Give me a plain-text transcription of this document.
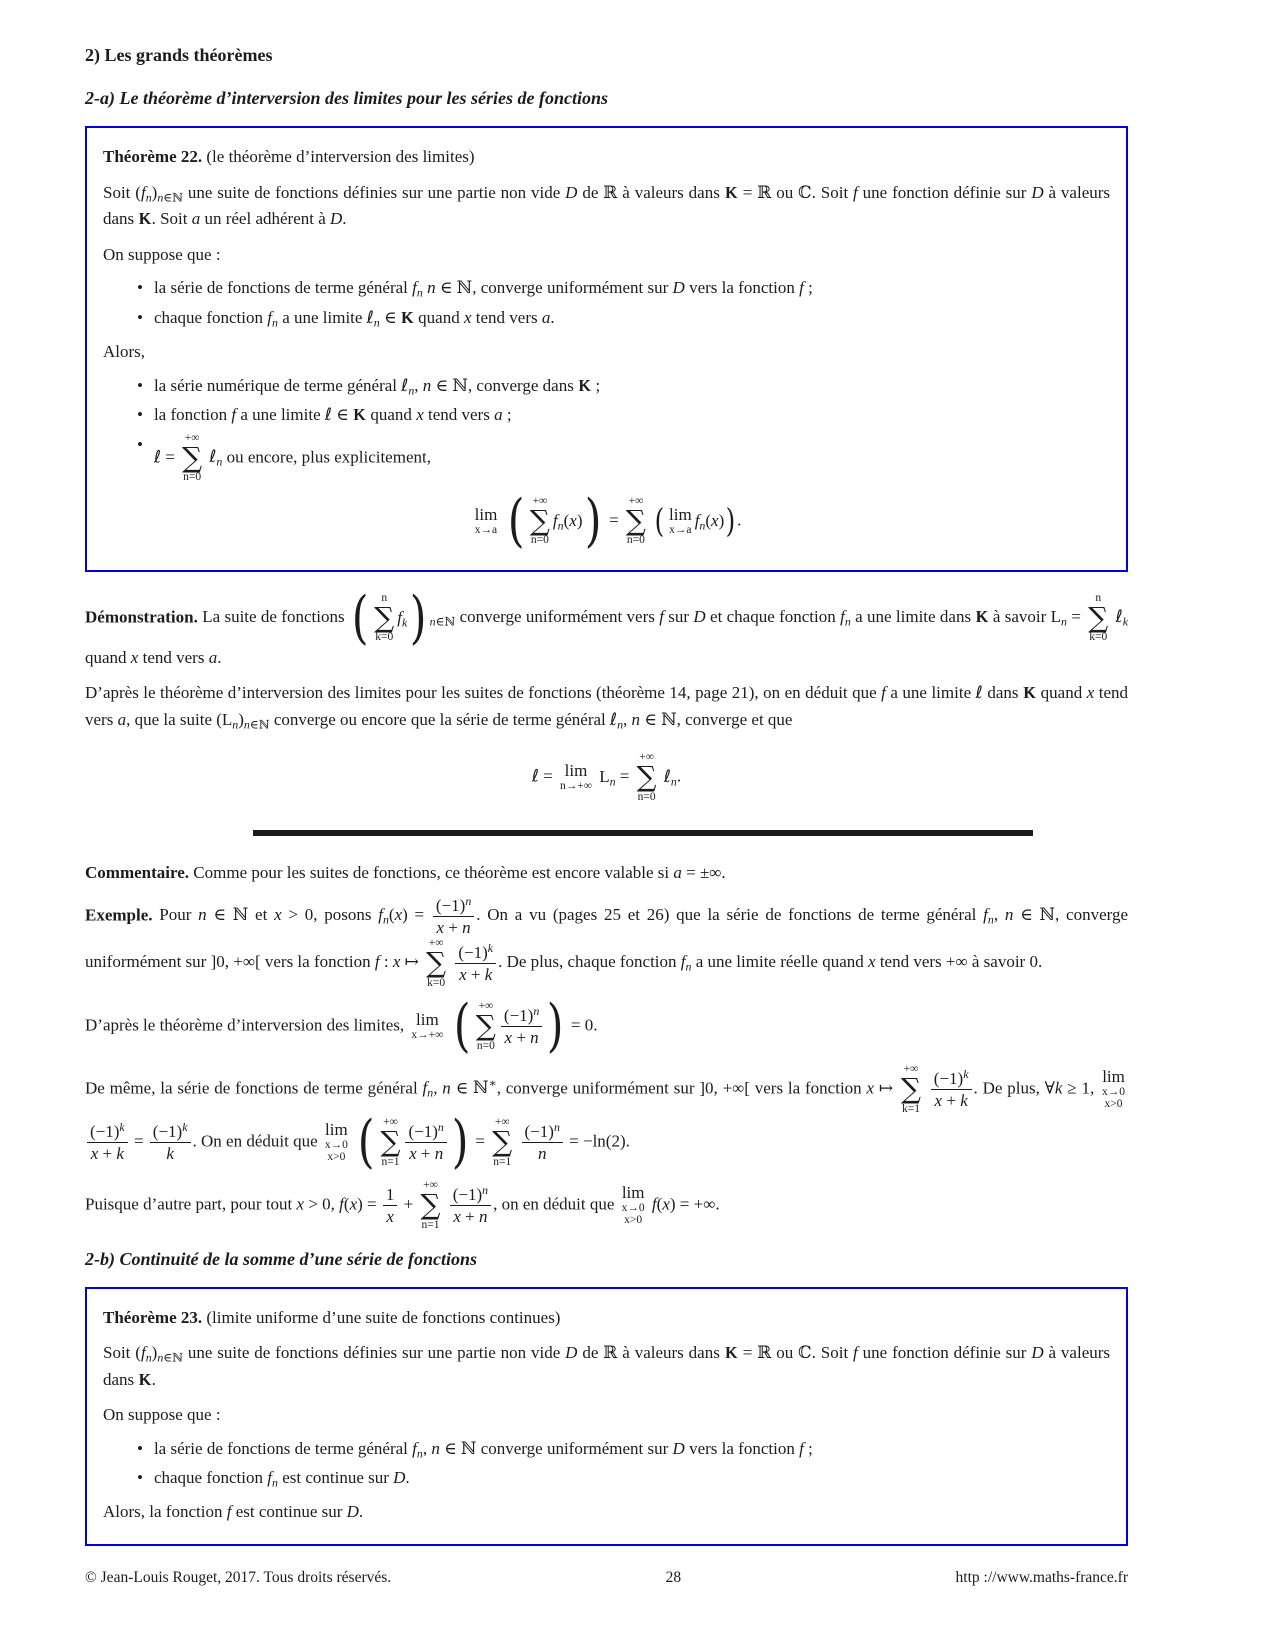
2) Les grands théorèmes
2-a) Le théorème d’interversion des limites pour les séries de fonctions

Théorème 22. (le théorème d’interversion des limites)

Soit $(f_n)_{n\in ℕ}$ une suite de fonctions définies sur une partie non vide D de ℝ à valeurs dans K = ℝ ou ℂ. Soit f une fonction définie sur D à valeurs dans K. Soit a un réel adhérent à D.

On suppose que :

• la série de fonctions de terme général $f_n$ n ∈ ℕ, converge uniformément sur D vers la fonction f ;
• chaque fonction $f_n$ a une limite ℓ$_n$ ∈ K quand x tend vers a.

Alors,

• la série numérique de terme général ℓ$_n$, n ∈ ℕ, converge dans K ;
• la fonction f a une limite ℓ ∈ K quand x tend vers a ;
• ℓ =
+∞
∑
n=0
ℓ$_n$ ou encore, plus explicitement,
lim
x→a
( +∞
∑
n=0
$f_n$ ( x ) ) =
+∞
∑
n=0

( lim
x→a $f_n$ ( x ) ) .

Démonstration. La suite de fonctions ( n
∑
k=0
$f_k$ ) $_{n\in ℕ}$ converge uniformément vers f sur D et chaque fonction $f_n$ a une limite dans K à savoir $L_n$ =
n
∑
k=0
ℓ$_k$ quand x tend vers a.

D’après le théorème d’interversion des limites pour les suites de fonctions (théorème 14, page 21), on en déduit que f a une limite ℓ dans K quand x tend vers a, que la suite $(L_n)_{n\in ℕ}$ converge ou encore que la série de terme général ℓ$_n$, n ∈ ℕ, converge et que

ℓ = lim
n→+∞
$L_n$ =
+∞
∑
n=0
ℓ$_n$.

Commentaire. Comme pour les suites de fonctions, ce théorème est encore valable si a = ±∞.

Exemple. Pour n ∈ ℕ et x > 0, posons $f_n(x) = \frac{(-1)^n}{x + n}$ . On a vu (pages 25 et 26) que la série de fonctions de terme général $f_n$, n ∈ ℕ, converge uniformément sur ]0, +∞[ vers la fonction f : x ↦
+∞
∑
k=0
$\frac{(-1)^k}{x + k}$ . De plus, chaque fonction $f_n$ a une limite réelle quand x tend vers +∞ à savoir 0.

D’après le théorème d’interversion des limites, lim
x→+∞
( +∞
∑
$n=0 \frac{(-1)^n}{x + n}$ ) = 0.

De même, la série de fonctions de terme général $f_n$, n ∈ ℕ∗, converge uniformément sur ]0, +∞[ vers la fonction x ↦
+∞
∑
k=1
$\frac{(-1)^k}{x + k}$ . De plus, ∀k ≥ 1,
lim
x→0
x>0

$\frac{(-1)^k}{x + k} = \frac{(-1)^k}{k}$ . On en déduit que
lim
x→0
x>0
( +∞
∑
$n=1 \frac{(-1)^n}{x + n}$ ) =
+∞
∑
n=1
$\frac{(-1)^n}{n} = -\ln(2)$.

Puisque d’autre part, pour tout x > 0, $f(x) = \frac{1}{x}$ +
+∞
∑
n=1
$\frac{(-1)^n}{x + n}$ , on en déduit que
lim
x→0
x>0
f(x) = +∞.

2-b) Continuité de la somme d’une série de fonctions

Théorème 23. (limite uniforme d’une suite de fonctions continues)

Soit $(f_n)_{n\in ℕ}$ une suite de fonctions définies sur une partie non vide D de ℝ à valeurs dans K = ℝ ou ℂ. Soit f une fonction définie sur D à valeurs dans K.

On suppose que :

• la série de fonctions de terme général $f_n$, n ∈ ℕ converge uniformément sur D vers la fonction f ;
• chaque fonction $f_n$ est continue sur D.

Alors, la fonction f est continue sur D.

© Jean-Louis Rouget, 2017. Tous droits réservés.	28	http ://www.maths-france.fr
